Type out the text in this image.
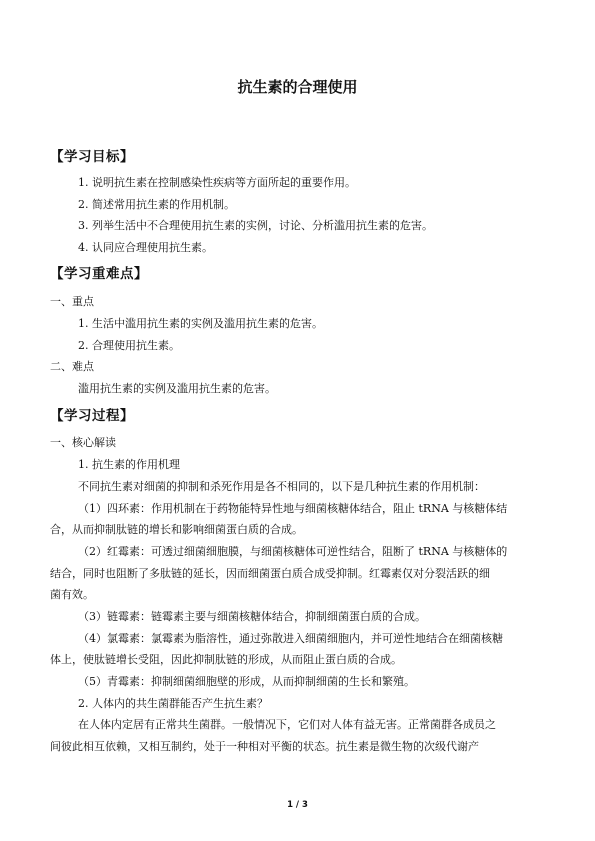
抗生素的合理使用
【学习目标】
1. 说明抗生素在控制感染性疾病等方面所起的重要作用。
2. 简述常用抗生素的作用机制。
3. 列举生活中不合理使用抗生素的实例，讨论、分析滥用抗生素的危害。
4. 认同应合理使用抗生素。
【学习重难点】
一、重点
1. 生活中滥用抗生素的实例及滥用抗生素的危害。
2. 合理使用抗生素。
二、难点
滥用抗生素的实例及滥用抗生素的危害。
【学习过程】
一、核心解读
1. 抗生素的作用机理
不同抗生素对细菌的抑制和杀死作用是各不相同的，以下是几种抗生素的作用机制：
（1）四环素：作用机制在于药物能特异性地与细菌核糖体结合，阻止 tRNA 与核糖体结
合，从而抑制肽链的增长和影响细菌蛋白质的合成。
（2）红霉素：可透过细菌细胞膜，与细菌核糖体可逆性结合，阻断了 tRNA 与核糖体的
结合，同时也阻断了多肽链的延长，因而细菌蛋白质合成受抑制。红霉素仅对分裂活跃的细
菌有效。
（3）链霉素：链霉素主要与细菌核糖体结合，抑制细菌蛋白质的合成。
（4）氯霉素：氯霉素为脂溶性，通过弥散进入细菌细胞内，并可逆性地结合在细菌核糖
体上，使肽链增长受阻，因此抑制肽链的形成，从而阻止蛋白质的合成。
（5）青霉素：抑制细菌细胞壁的形成，从而抑制细菌的生长和繁殖。
2. 人体内的共生菌群能否产生抗生素？
在人体内定居有正常共生菌群。一般情况下，它们对人体有益无害。正常菌群各成员之
间彼此相互依赖，又相互制约，处于一种相对平衡的状态。抗生素是微生物的次级代谢产
1 / 3
